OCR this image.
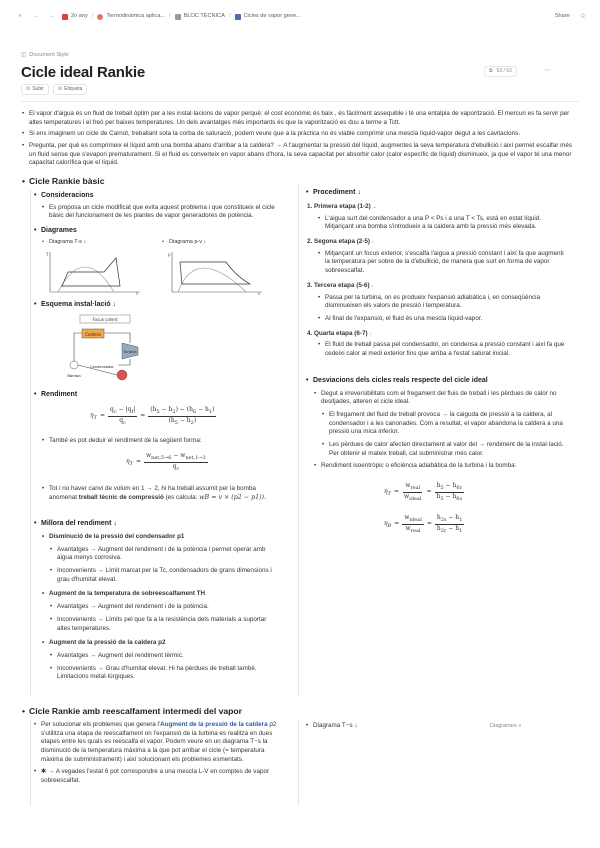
»	←	→	2n any / Termodinàmica aplica... / BLOC TÈCNICA / Cicles de vapor gene...	Share ☆
◫ Document Style
Cicle ideal Rankie	⧉ 63 / 63	⋯
⊙ Subir	⊙ Etiqueta
• El vapor d'aigua és un fluid de treball òptim per a les instal·lacions de vapor perquè: el cost econòmic és baix , és fàcilment assequible i té una entalpia de vaporització. El mercuri es fa servir per altes temperatures i el freó per baixes temperatures. Un dels avantatges més importants és que la vaporització es duu a terme a Tctt.
• Si ens imaginem un cicle de Carnot, treballant sota la corba de saturació, podem veure que a la pràctica no és viable comprimir una mescla líquid-vapor degut a les cavitacions.
• Pregunta, per què es comprimeix el líquid amb una bomba abans d'arribar a la caldera? → A l'augmentar la pressió del líquid, augmentes la seva temperatura d'ebullició i així permet escalfar més un fluid sense que s'evapori prematurament. Si el fluid es converteix en vapor abans d'hora, la seva capacitat per absorbir calor (calor específic de líquid) disminueix, ja que el vapor té una menor capacitat calorífica que el líquid.
• Cicle Rankie bàsic
• Consideracions
• Es proposa un cicle modificat que evita aquest problema i que constitueix el cicle bàsic del funcionament de les plantes de vapor generadores de potència.
• Diagrames
• Diagrama T-s ↓
•	Diagrama p-v ↓
T
s
p
v
• Esquema instal·lació ↓
Focus calent
Caldera
Turbina
Condensador
Bomba
• Rendiment
$\eta_T = \frac{q_c - |q_f|}{q_c} = \frac{(h_5 - h_2) - (h_6 - h_1)}{(h_5 - h_2)}$
• També es pot deduir el rendiment de la següent forma:
$\eta_T = \frac{w_{net,5\to 6} - w_{net,1\to 2}}{q_c}$
• Tot i no haver canvi de volum en 1 → 2, hi ha treball assumit per la bomba anomenat treball tècnic de compressió (es calcula: wB = v × (p2 − p1)).
• Millora del rendiment ↓
• Disminució de la pressió del condensador p1
• Avantatges → Augment del rendiment i de la potència i permet operar amb aigua menys corrosiva.
• Inconvenients → Límit marcat per la Tc, condensadors de grans dimensions i grau d'humitat elevat.
• Augment de la temperatura de sobreescalfament TH
• Avantatges → Augment del rendiment i de la potència.
• Inconvenients → Límits pel que fa a la resistència dels materials a suportar altes temperatures.
• Augment de la pressió de la caldera p2
• Avantatges → Augment del rendiment tèrmic.
• Inconvenients → Grau d'humitat elevat. Hi ha pèrdues de treball també. Limitacions metal·lúrgiques.
• Procediment ↓
1. Primera etapa (1-2) ⌄
• L'aigua surt del condensador a una P < Ps i a una T < Ts, està en estat líquid. Mitjançant una bomba s'introdueix a la caldera amb la pressió més elevada.
2. Segona etapa (2-5) ↓
• Mitjançant un focus exterior, s'escalfa l'aigua a pressió constant i així fa que augmenti la temperatura per sobre de la d'ebullició, de manera que surt en forma de vapor sobreescalfat.
3. Tercera etapa (5-6) ↓
• Passa per la turbina, on es produeix l'expansió adiabàtica i, en conseqüència disminueixen els valors de pressió i temperatura.
• Al final de l'expansió, el fluid és una mescla líquid-vapor.
4. Quarta etapa (6-7) ↓
• El fluid de treball passa pel condensador, on condensa a pressió constant i així fa que cedeixi calor al medi exterior fins que arriba a l'estat saturat inicial.
• Desviacions dels cicles reals respecte del cicle ideal
• Degut a irreversibilitats com el fregament del fluis de treball i les pèrdues de calor no desitjades, alteren el cicle ideal.
• El fregament del fluid de treball provoca → la caiguda de pressió a la caldera, al condensador i a les canonades. Com a resultat, el vapor abandona la caldera a una pressió una mica inferior.
• Les pèrdues de calor afecten directament al valor del → rendiment de la instal·lació. Per obtenir el mateix treball, cal subministrar més calor.
• Rendiment isoentròpic o eficiència adiabàtica de la turbina i la bomba:
$\eta_T = \frac{w_{real}}{w_{ideal}} = \frac{h_5 - h_{6r}}{h_5 - h_{6s}}$
$\eta_B = \frac{w_{ideal}}{w_{real}} = \frac{h_{2s} - h_1}{h_{2r} - h_1}$
• Cicle Rankie amb reescalfament intermedi del vapor
• Per solucionar els problemes que genera l'Augment de la pressió de la caldera p2 s'utilitza una etapa de reescalfament on l'expansió de la turbina es realitza en dues etapes entre les quals es reescalfa el vapor. Podem veure en un diagrama T−s la disminució de la temperatura màxima a la que pot arribar el cicle (= temperatura màxima de subministrament) i així solucionant els problemes esmentats.
• ✱ → A vegades l'estat 6 pot correspondre a una mescla L-V en comptes de vapor sobreescalfat.
• Diagrama T−s ↓	Diagrames »
